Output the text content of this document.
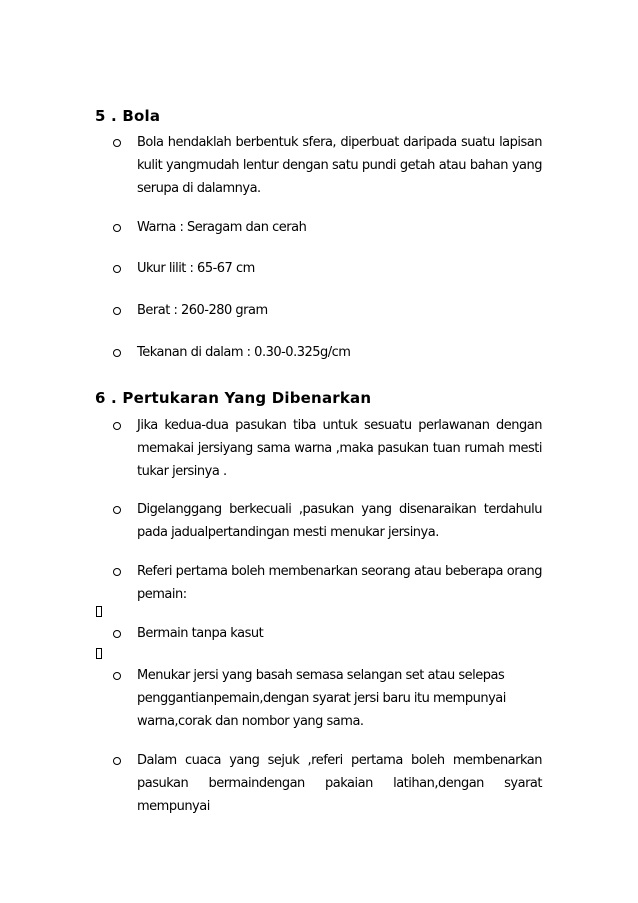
5 . Bola
Bola hendaklah berbentuk sfera, diperbuat daripada suatu lapisan
kulit yangmudah lentur dengan satu pundi getah atau bahan yang
serupa di dalamnya.
Warna : Seragam dan cerah
Ukur lilit : 65-67 cm
Berat : 260-280 gram
Tekanan di dalam : 0.30-0.325g/cm
6 . Pertukaran Yang Dibenarkan
Jika kedua-dua pasukan tiba untuk sesuatu perlawanan dengan
memakai jersiyang sama warna ,maka pasukan tuan rumah mesti
tukar jersinya .
Digelanggang berkecuali ,pasukan yang disenaraikan terdahulu
pada jadualpertandingan mesti menukar jersinya.
Referi pertama boleh membenarkan seorang atau beberapa orang
pemain:
Bermain tanpa kasut
Menukar jersi yang basah semasa selangan set atau selepas
penggantianpemain,dengan syarat jersi baru itu mempunyai
warna,corak dan nombor yang sama.
Dalam cuaca yang sejuk ,referi pertama boleh membenarkan
pasukan bermaindengan pakaian latihan,dengan syarat mempunyai
